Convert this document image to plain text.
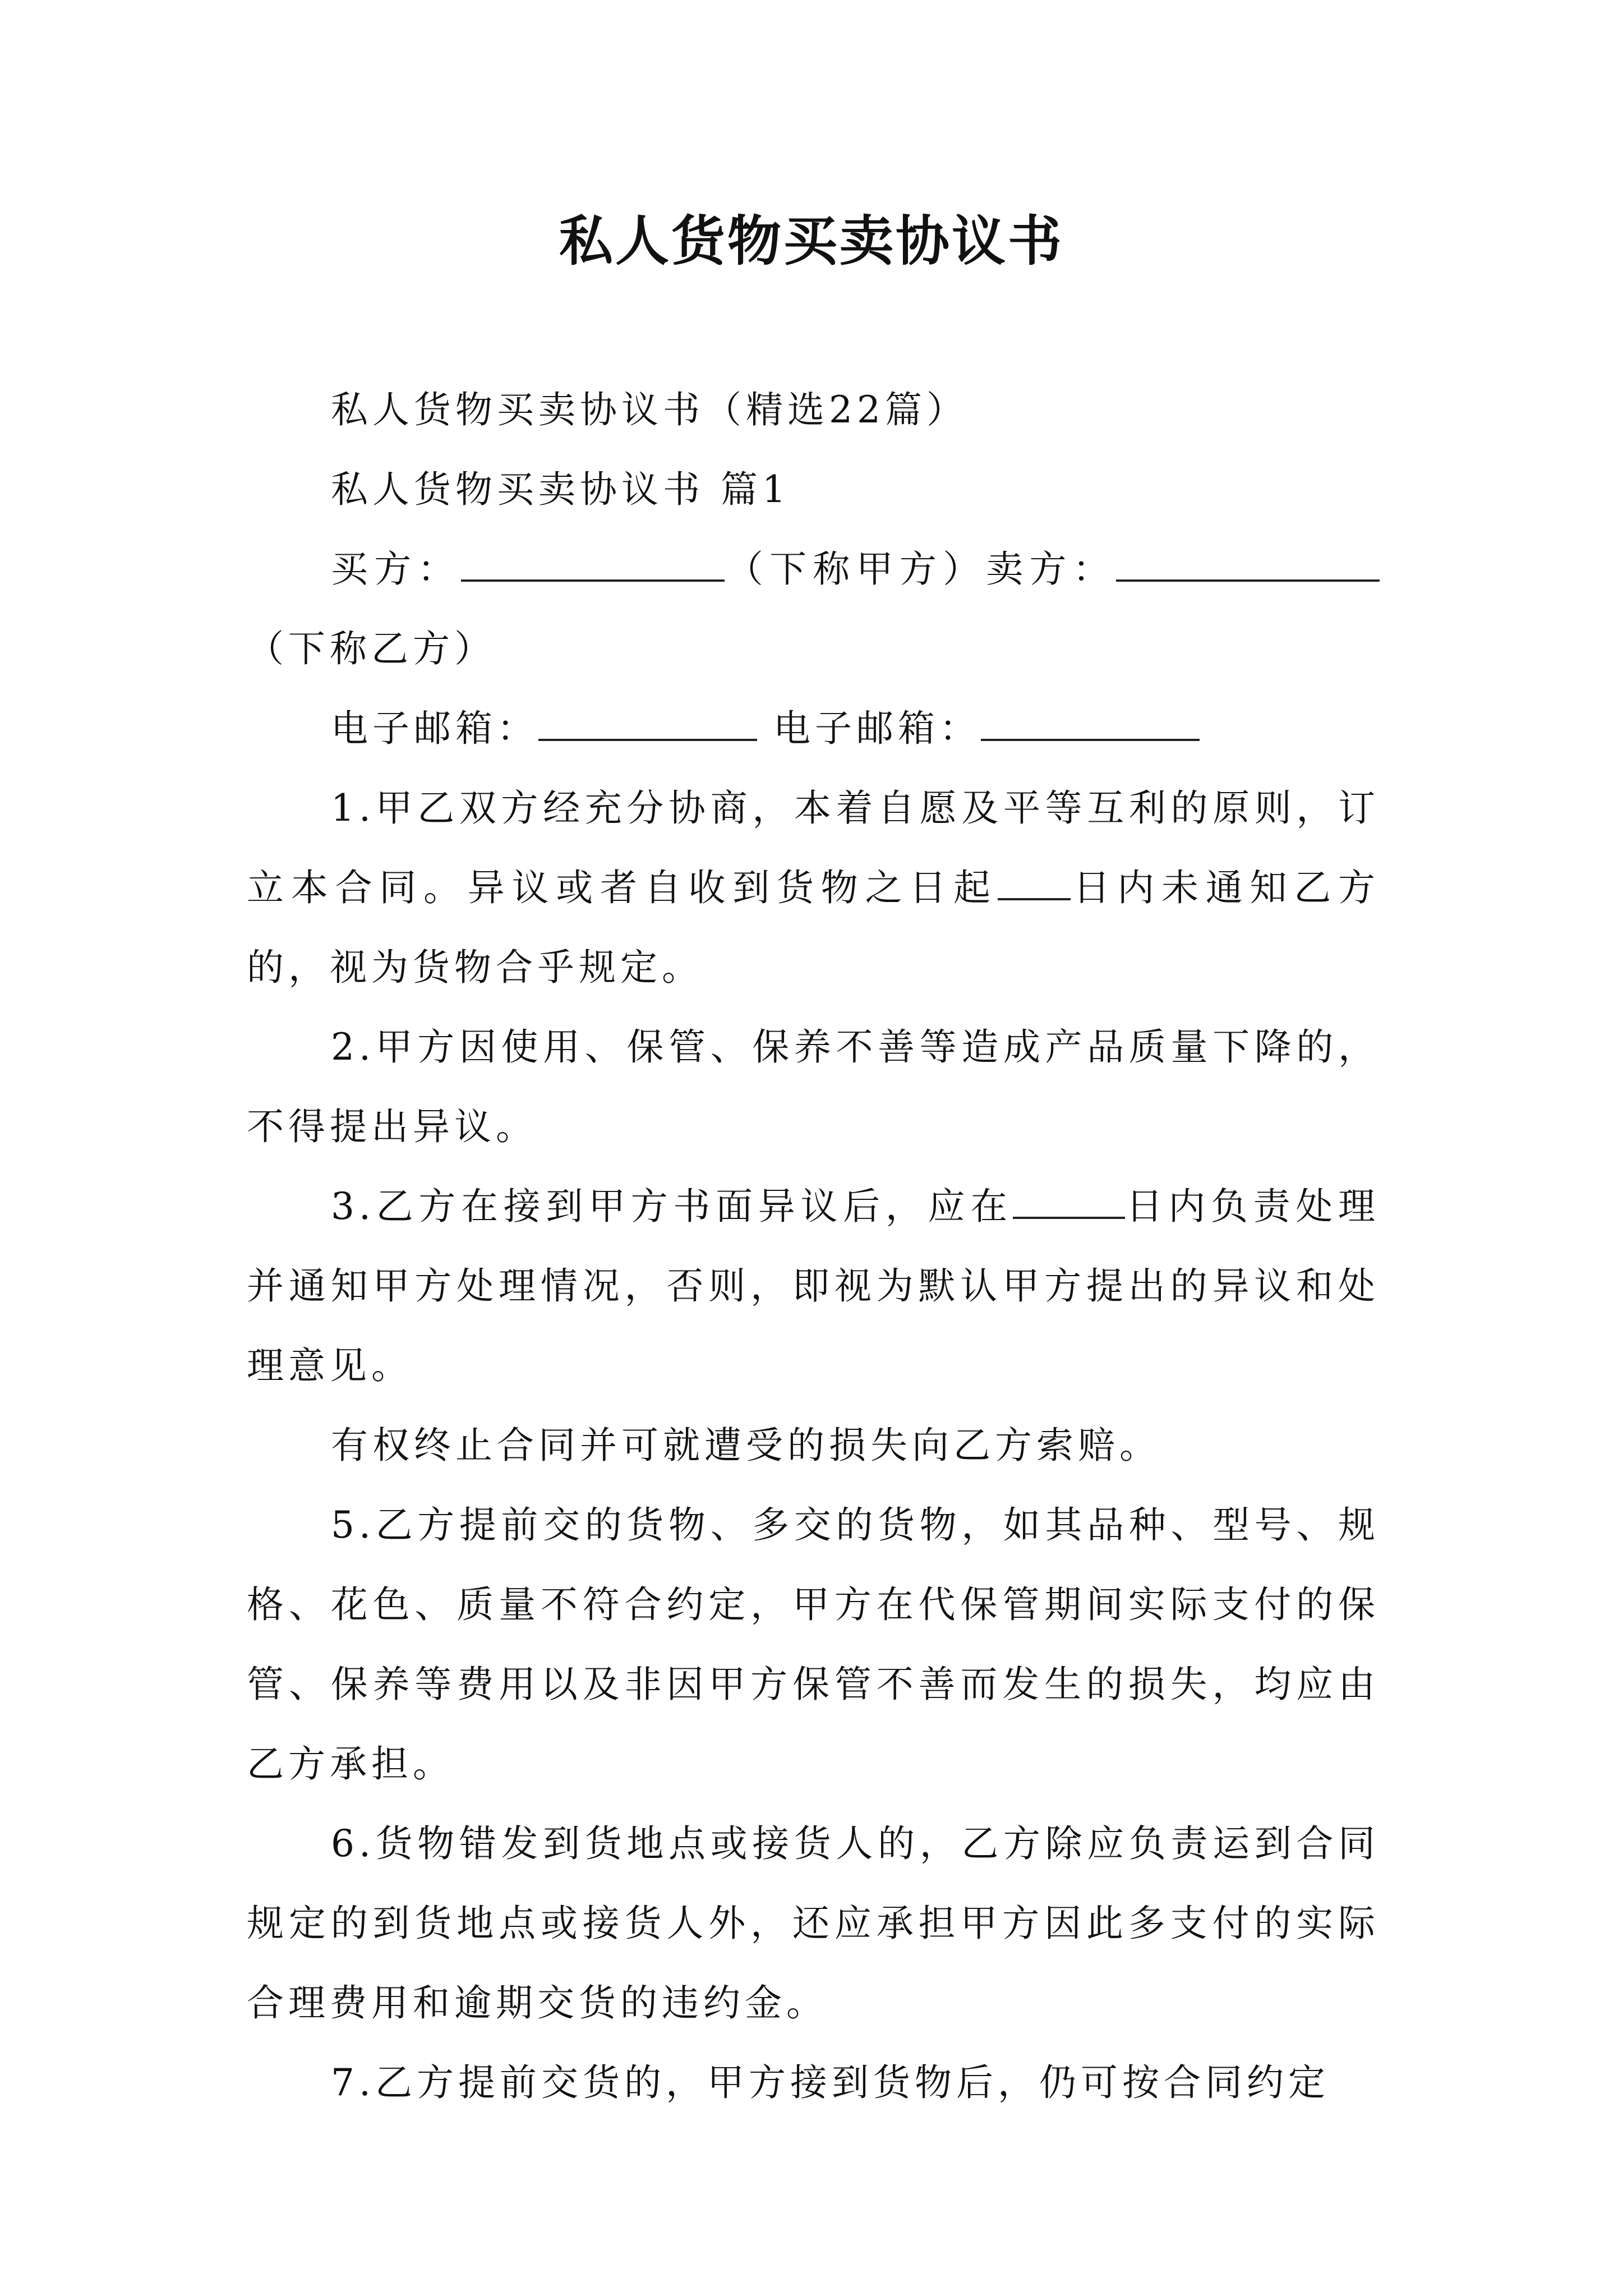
私人货物买卖协议书

私人货物买卖协议书（精选22篇）

私人货物买卖协议书 篇1

买方：	（下称甲方）卖方：（下称乙方）

电子邮箱：	电子邮箱：

1.甲乙双方经充分协商，本着自愿及平等互利的原则，订立本合同。异议或者自收到货物之日起 日内未通知乙方的，视为货物合乎规定。

2.甲方因使用、保管、保养不善等造成产品质量下降的，不得提出异议。

3.乙方在接到甲方书面异议后，应在	日内负责处理并通知甲方处理情况，否则，即视为默认甲方提出的异议和处理意见。

有权终止合同并可就遭受的损失向乙方索赔。

5.乙方提前交的货物、多交的货物，如其品种、型号、规格、花色、质量不符合约定，甲方在代保管期间实际支付的保管、保养等费用以及非因甲方保管不善而发生的损失，均应由乙方承担。

6.货物错发到货地点或接货人的，乙方除应负责运到合同规定的到货地点或接货人外，还应承担甲方因此多支付的实际合理费用和逾期交货的违约金。

7.乙方提前交货的，甲方接到货物后，仍可按合同约定
